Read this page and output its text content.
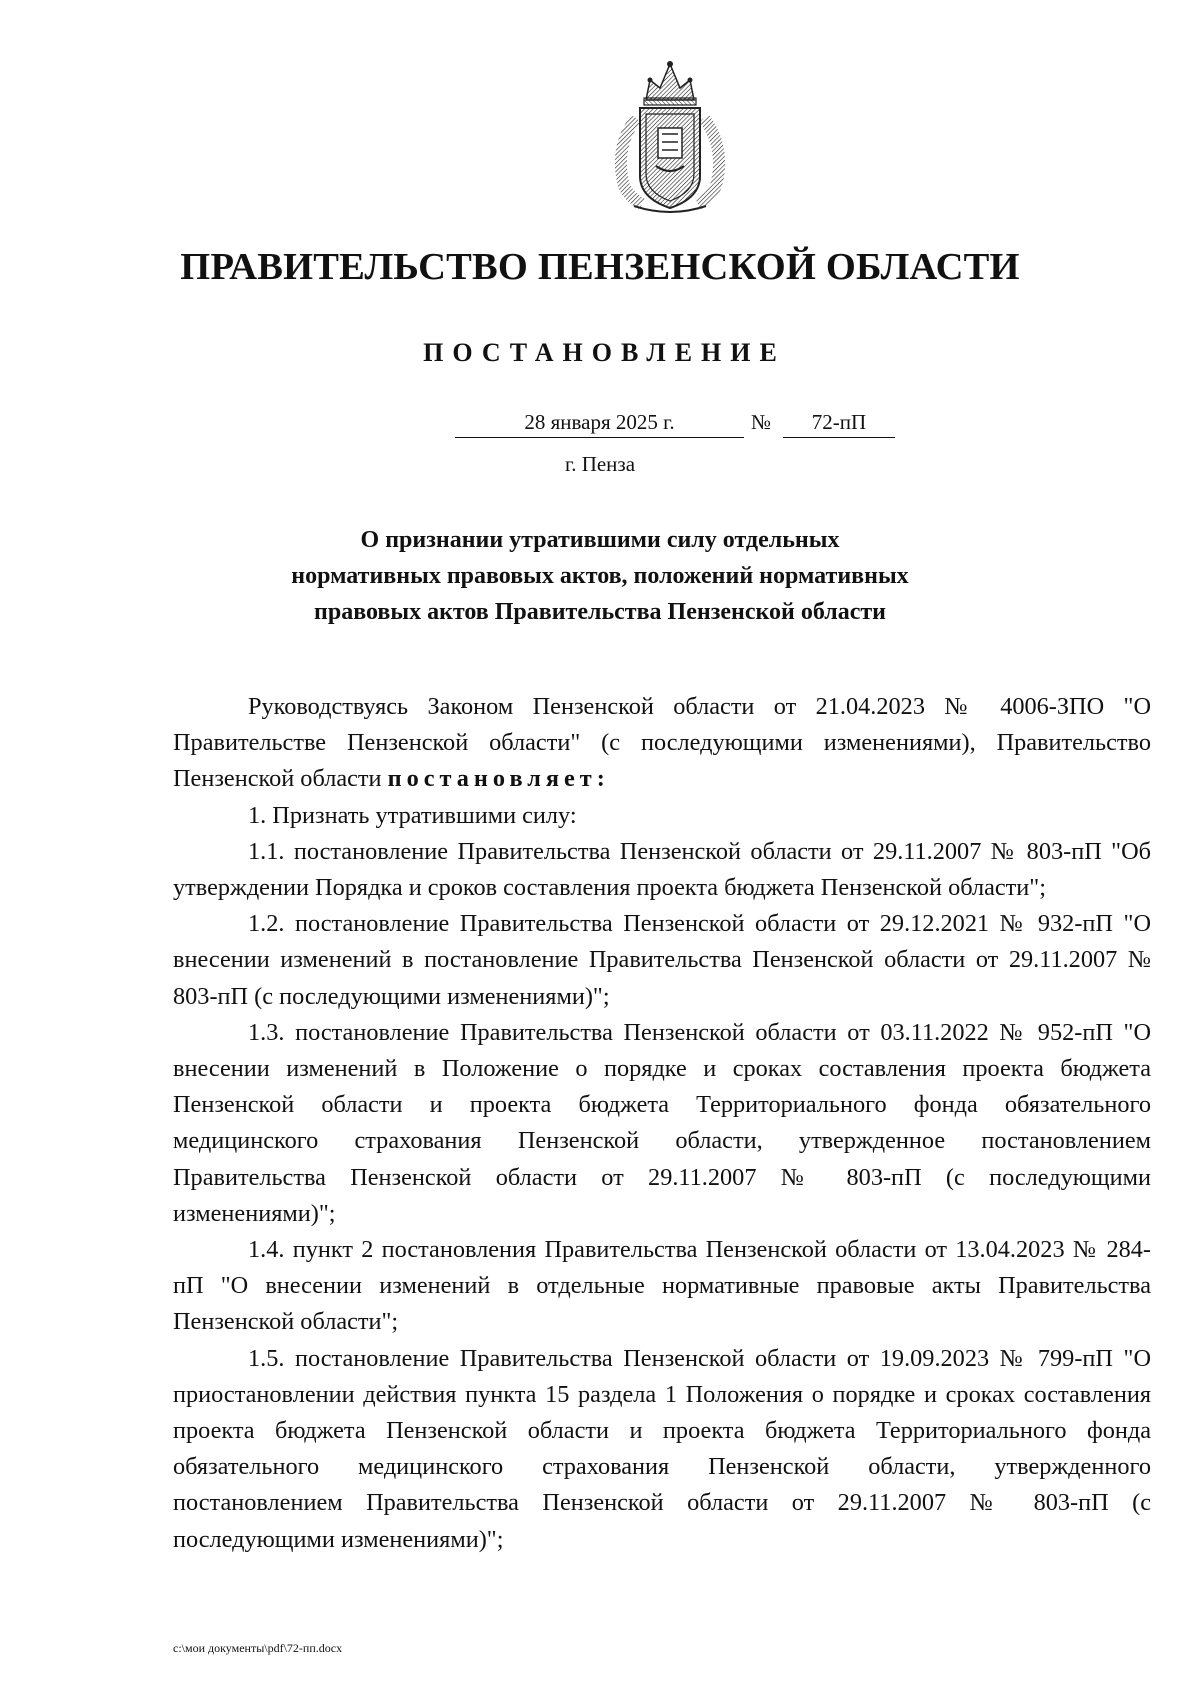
ПРАВИТЕЛЬСТВО ПЕНЗЕНСКОЙ ОБЛАСТИ
ПОСТАНОВЛЕНИЕ
28 января 2025 г.	№	72-пП
г. Пенза
О признании утратившими силу отдельных
нормативных правовых актов, положений нормативных
правовых актов Правительства Пензенской области

Руководствуясь Законом Пензенской области от 21.04.2023 № 4006-ЗПО "О Правительстве Пензенской области" (с последующими изменениями), Правительство Пензенской области постановляет:

1. Признать утратившими силу:

1.1. постановление Правительства Пензенской области от 29.11.2007 № 803-пП "Об утверждении Порядка и сроков составления проекта бюджета Пензенской области";

1.2. постановление Правительства Пензенской области от 29.12.2021 № 932-пП "О внесении изменений в постановление Правительства Пензенской области от 29.11.2007 № 803-пП (с последующими изменениями)";

1.3. постановление Правительства Пензенской области от 03.11.2022 № 952-пП "О внесении изменений в Положение о порядке и сроках составления проекта бюджета Пензенской области и проекта бюджета Территориального фонда обязательного медицинского страхования Пензенской области, утвержденное постановлением Правительства Пензенской области от 29.11.2007 № 803-пП (с последующими изменениями)";

1.4. пункт 2 постановления Правительства Пензенской области от 13.04.2023 № 284-пП "О внесении изменений в отдельные нормативные правовые акты Правительства Пензенской области";

1.5. постановление Правительства Пензенской области от 19.09.2023 № 799-пП "О приостановлении действия пункта 15 раздела 1 Положения о порядке и сроках составления проекта бюджета Пензенской области и проекта бюджета Территориального фонда обязательного медицинского страхования Пензенской области, утвержденного постановлением Правительства Пензенской области от 29.11.2007 № 803-пП (с последующими изменениями)";

c:\мои документы\pdf\72-пп.docx
